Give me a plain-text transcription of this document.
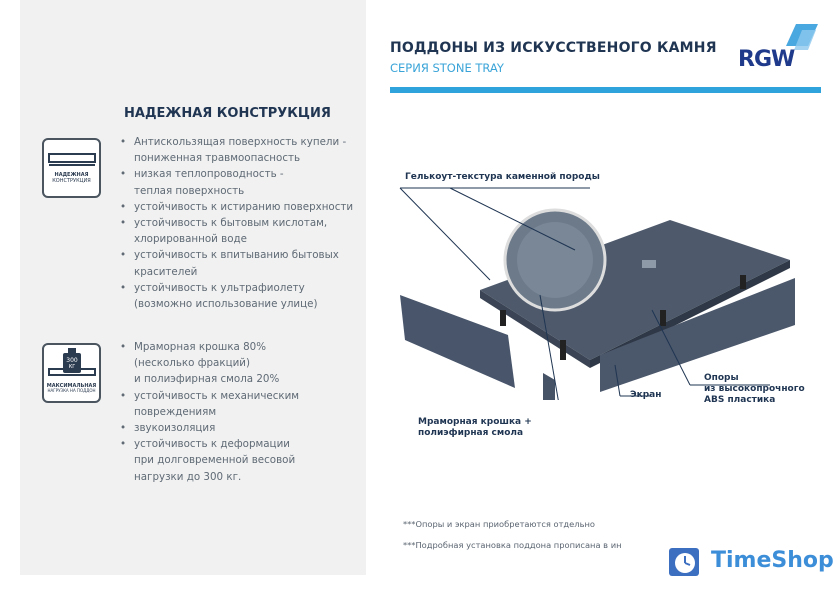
НАДЕЖНАЯ КОНСТРУКЦИЯ
НАДЕЖНАЯ
КОНСТРУКЦИЯ
• Антискользящая поверхность купели -
пониженная травмоопасность
• низкая теплопроводность -
теплая поверхность
• устойчивость к истиранию поверхности
• устойчивость к бытовым кислотам,
хлорированной воде
• устойчивость к впитыванию бытовых
красителей
• устойчивость к ультрафиолету
(возможно использование улице)
300
КГ
МАКСИМАЛЬНАЯ
НАГРУЗКА НА ПОДДОН
• Мраморная крошка 80%
(несколько фракций)
и полиэфирная смола 20%
• устойчивость к механическим
повреждениям
• звукоизоляция
• устойчивость к деформации
при долговременной весовой
нагрузки до 300 кг.
ПОДДОНЫ ИЗ ИСКУССТВЕНОГО КАМНЯ
СЕРИЯ STONE TRAY	RGW
Гелькоут-текстура каменной породы
Мраморная крошка +
полиэфирная смола
Экран
Опоры
из высокопрочного
ABS пластика
***Опоры и экран приобретаются отдельно
***Подробная установка поддона прописана в ин
TimeShop
